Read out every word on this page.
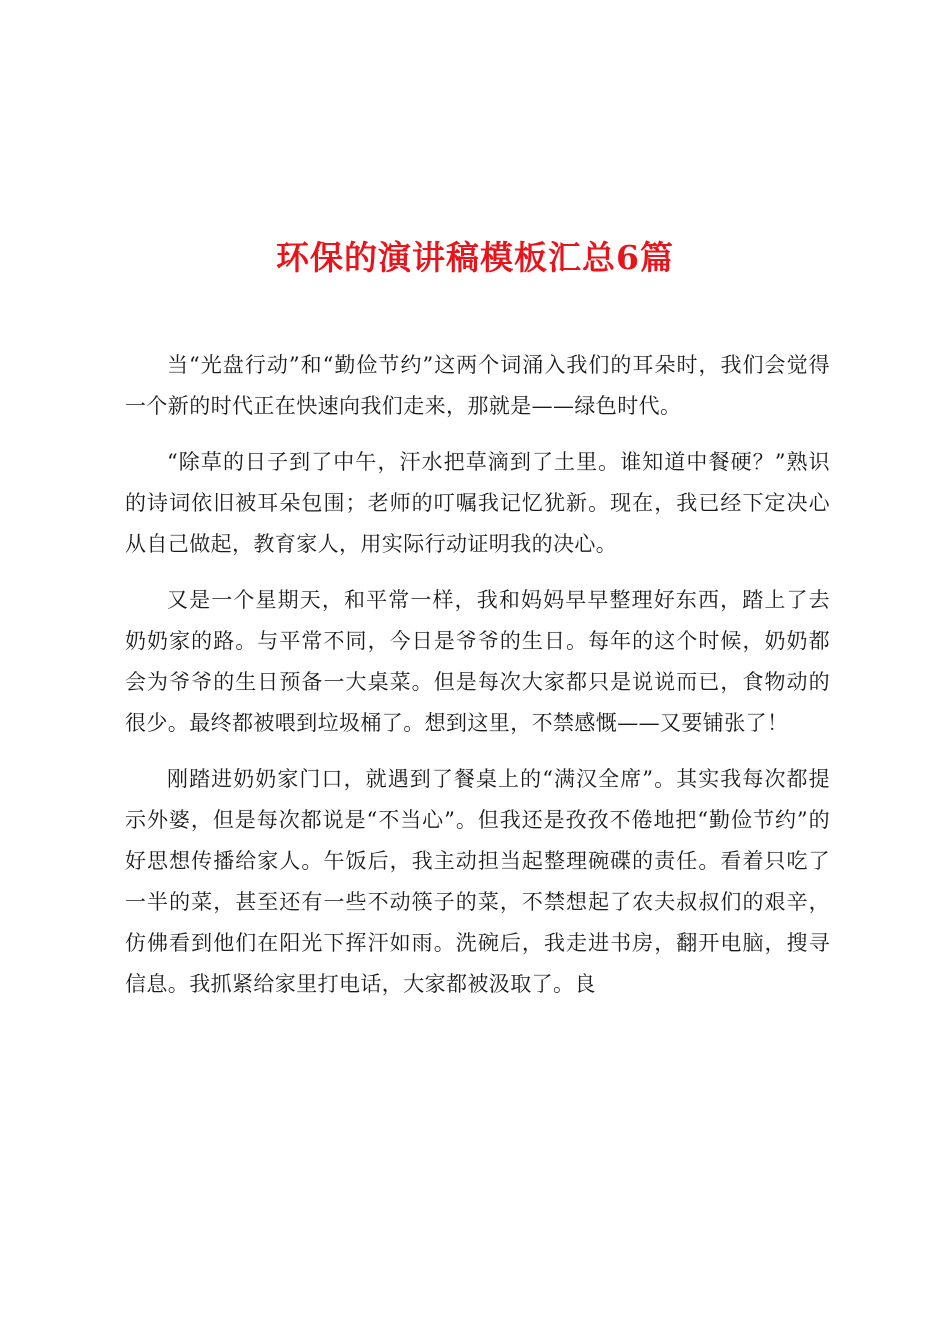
环保的演讲稿模板汇总6篇

当“光盘行动”和“勤俭节约”这两个词涌入我们的耳朵时，我们会觉得一个新的时代正在快速向我们走来，那就是——绿色时代。

“除草的日子到了中午，汗水把草滴到了土里。谁知道中餐硬？”熟识的诗词依旧被耳朵包围；老师的叮嘱我记忆犹新。现在，我已经下定决心从自己做起，教育家人，用实际行动证明我的决心。

又是一个星期天，和平常一样，我和妈妈早早整理好东西，踏上了去奶奶家的路。与平常不同，今日是爷爷的生日。每年的这个时候，奶奶都会为爷爷的生日预备一大桌菜。但是每次大家都只是说说而已，食物动的很少。最终都被喂到垃圾桶了。想到这里，不禁感慨——又要铺张了！

刚踏进奶奶家门口，就遇到了餐桌上的“满汉全席”。其实我每次都提示外婆，但是每次都说是“不当心”。但我还是孜孜不倦地把“勤俭节约”的好思想传播给家人。午饭后，我主动担当起整理碗碟的责任。看着只吃了一半的菜，甚至还有一些不动筷子的菜，不禁想起了农夫叔叔们的艰辛，仿佛看到他们在阳光下挥汗如雨。洗碗后，我走进书房，翻开电脑，搜寻信息。我抓紧给家里打电话，大家都被汲取了。良
